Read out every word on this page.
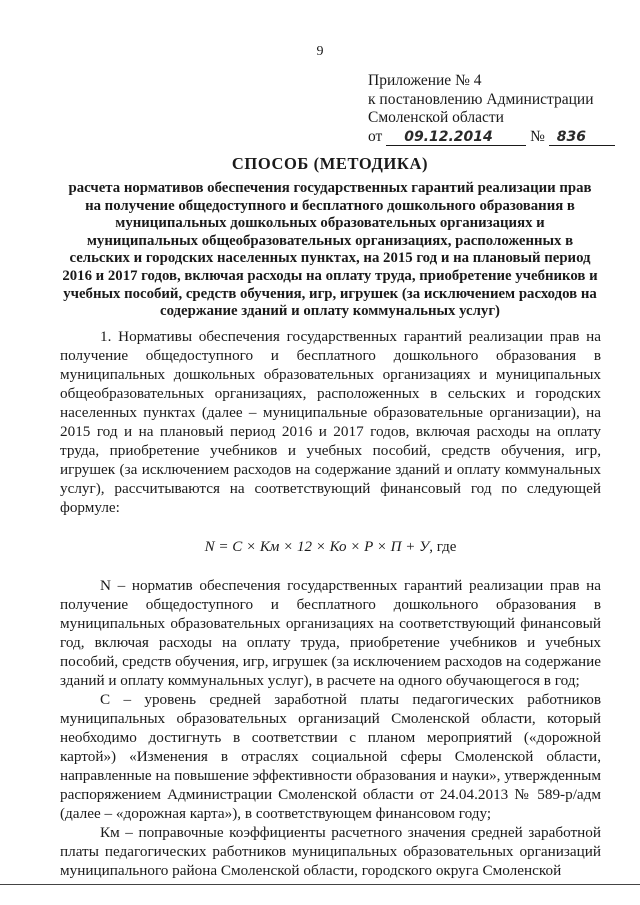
9
Приложение № 4
к постановлению Администрации
Смоленской области
от 09.12.2014 № 836
СПОСОБ (МЕТОДИКА)
расчета нормативов обеспечения государственных гарантий реализации прав на получение общедоступного и бесплатного дошкольного образования в муниципальных дошкольных образовательных организациях и муниципальных общеобразовательных организациях, расположенных в сельских и городских населенных пунктах, на 2015 год и на плановый период 2016 и 2017 годов, включая расходы на оплату труда, приобретение учебников и учебных пособий, средств обучения, игр, игрушек (за исключением расходов на содержание зданий и оплату коммунальных услуг)

1. Нормативы обеспечения государственных гарантий реализации прав на получение общедоступного и бесплатного дошкольного образования в муниципальных дошкольных образовательных организациях и муниципальных общеобразовательных организациях, расположенных в сельских и городских населенных пунктах (далее – муниципальные образовательные организации), на 2015 год и на плановый период 2016 и 2017 годов, включая расходы на оплату труда, приобретение учебников и учебных пособий, средств обучения, игр, игрушек (за исключением расходов на содержание зданий и оплату коммунальных услуг), рассчитываются на соответствующий финансовый год по следующей формуле:

N = C × Км × 12 × Ко × P × П + У, где

N – норматив обеспечения государственных гарантий реализации прав на получение общедоступного и бесплатного дошкольного образования в муниципальных образовательных организациях на соответствующий финансовый год, включая расходы на оплату труда, приобретение учебников и учебных пособий, средств обучения, игр, игрушек (за исключением расходов на содержание зданий и оплату коммунальных услуг), в расчете на одного обучающегося в год;

С – уровень средней заработной платы педагогических работников муниципальных образовательных организаций Смоленской области, который необходимо достигнуть в соответствии с планом мероприятий («дорожной картой») «Изменения в отраслях социальной сферы Смоленской области, направленные на повышение эффективности образования и науки», утвержденным распоряжением Администрации Смоленской области от 24.04.2013 № 589-р/адм (далее – «дорожная карта»), в соответствующем финансовом году;

Км – поправочные коэффициенты расчетного значения средней заработной платы педагогических работников муниципальных образовательных организаций муниципального района Смоленской области, городского округа Смоленской
